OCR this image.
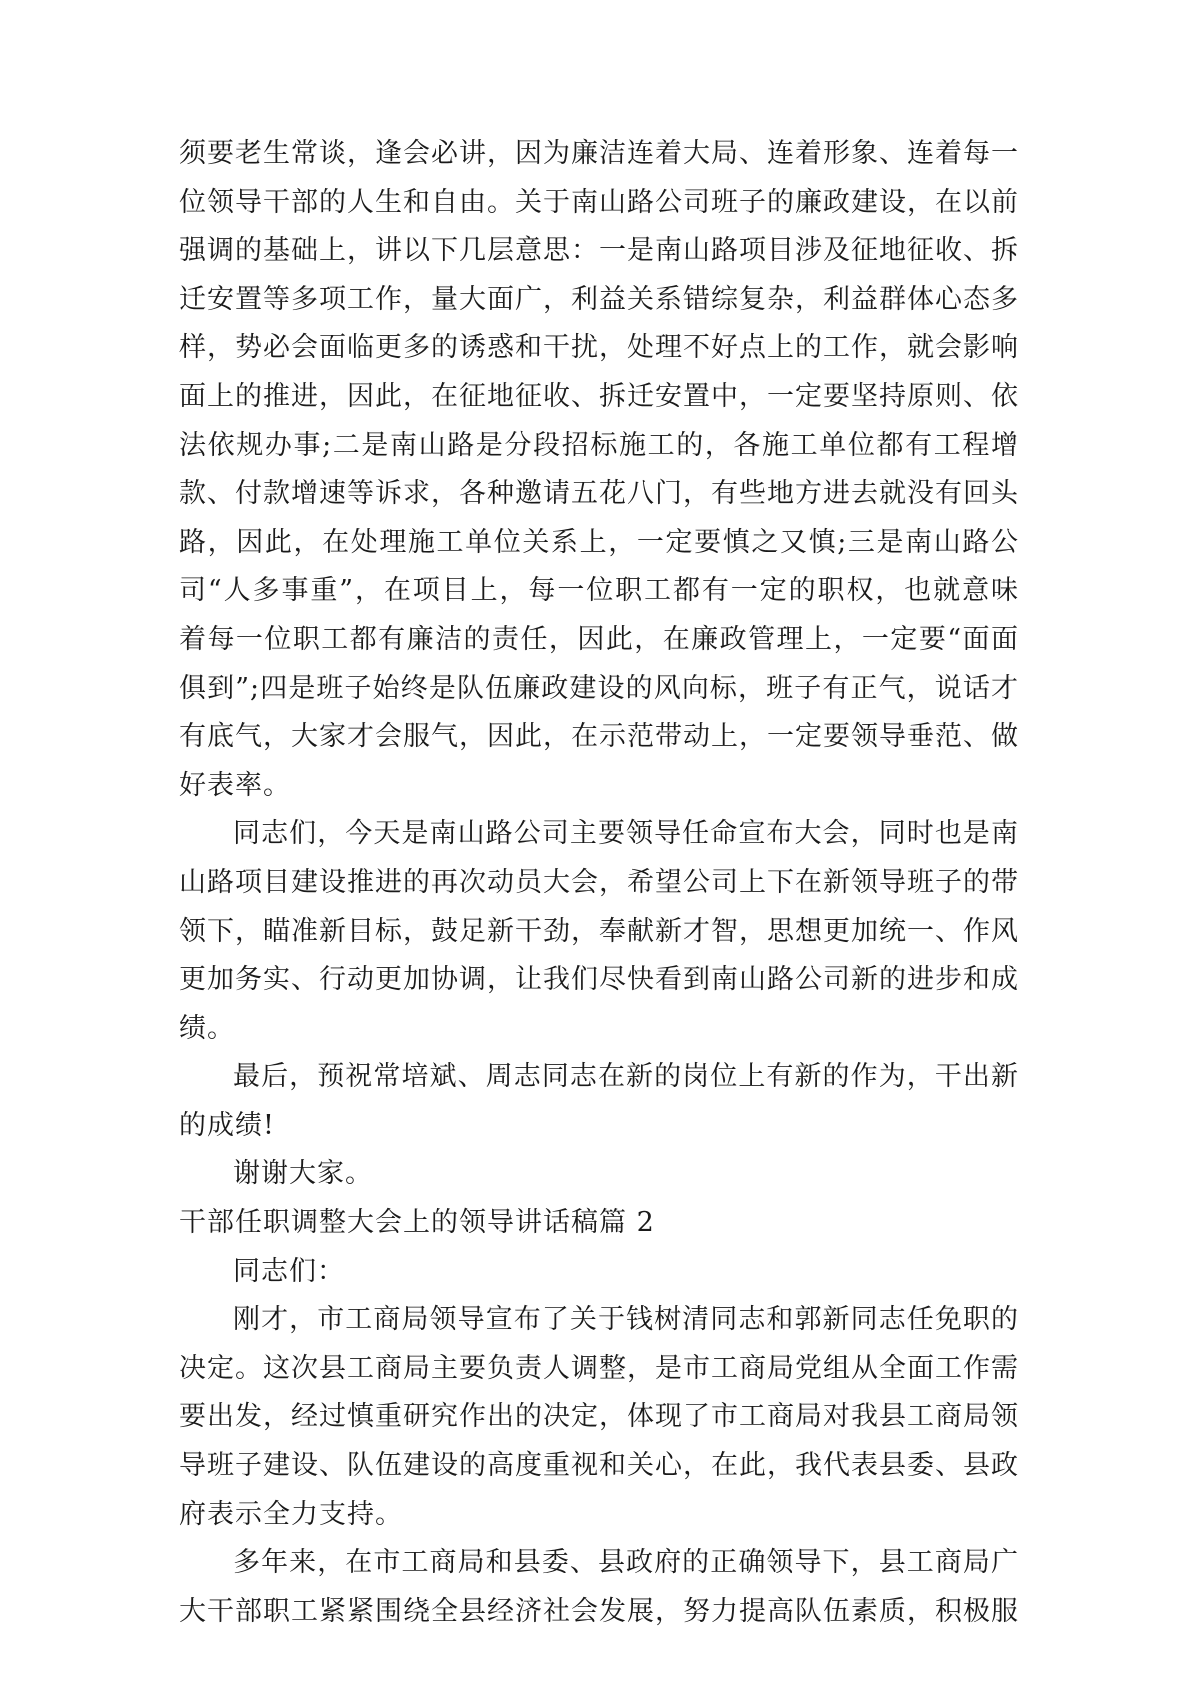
须要老生常谈，逢会必讲，因为廉洁连着大局、连着形象、连着每一位领导干部的人生和自由。关于南山路公司班子的廉政建设，在以前强调的基础上，讲以下几层意思：一是南山路项目涉及征地征收、拆迁安置等多项工作，量大面广，利益关系错综复杂，利益群体心态多样，势必会面临更多的诱惑和干扰，处理不好点上的工作，就会影响面上的推进，因此，在征地征收、拆迁安置中，一定要坚持原则、依法依规办事;二是南山路是分段招标施工的，各施工单位都有工程增款、付款增速等诉求，各种邀请五花八门，有些地方进去就没有回头路，因此，在处理施工单位关系上，一定要慎之又慎;三是南山路公司“人多事重”，在项目上，每一位职工都有一定的职权，也就意味着每一位职工都有廉洁的责任，因此，在廉政管理上，一定要“面面俱到”;四是班子始终是队伍廉政建设的风向标，班子有正气，说话才有底气，大家才会服气，因此，在示范带动上，一定要领导垂范、做好表率。

同志们，今天是南山路公司主要领导任命宣布大会，同时也是南山路项目建设推进的再次动员大会，希望公司上下在新领导班子的带领下，瞄准新目标，鼓足新干劲，奉献新才智，思想更加统一、作风更加务实、行动更加协调，让我们尽快看到南山路公司新的进步和成绩。

最后，预祝常培斌、周志同志在新的岗位上有新的作为，干出新的成绩!

谢谢大家。

干部任职调整大会上的领导讲话稿篇 2

同志们：

刚才，市工商局领导宣布了关于钱树清同志和郭新同志任免职的决定。这次县工商局主要负责人调整，是市工商局党组从全面工作需要出发，经过慎重研究作出的决定，体现了市工商局对我县工商局领导班子建设、队伍建设的高度重视和关心，在此，我代表县委、县政府表示全力支持。

多年来，在市工商局和县委、县政府的正确领导下，县工商局广大干部职工紧紧围绕全县经济社会发展，努力提高队伍素质，积极服
